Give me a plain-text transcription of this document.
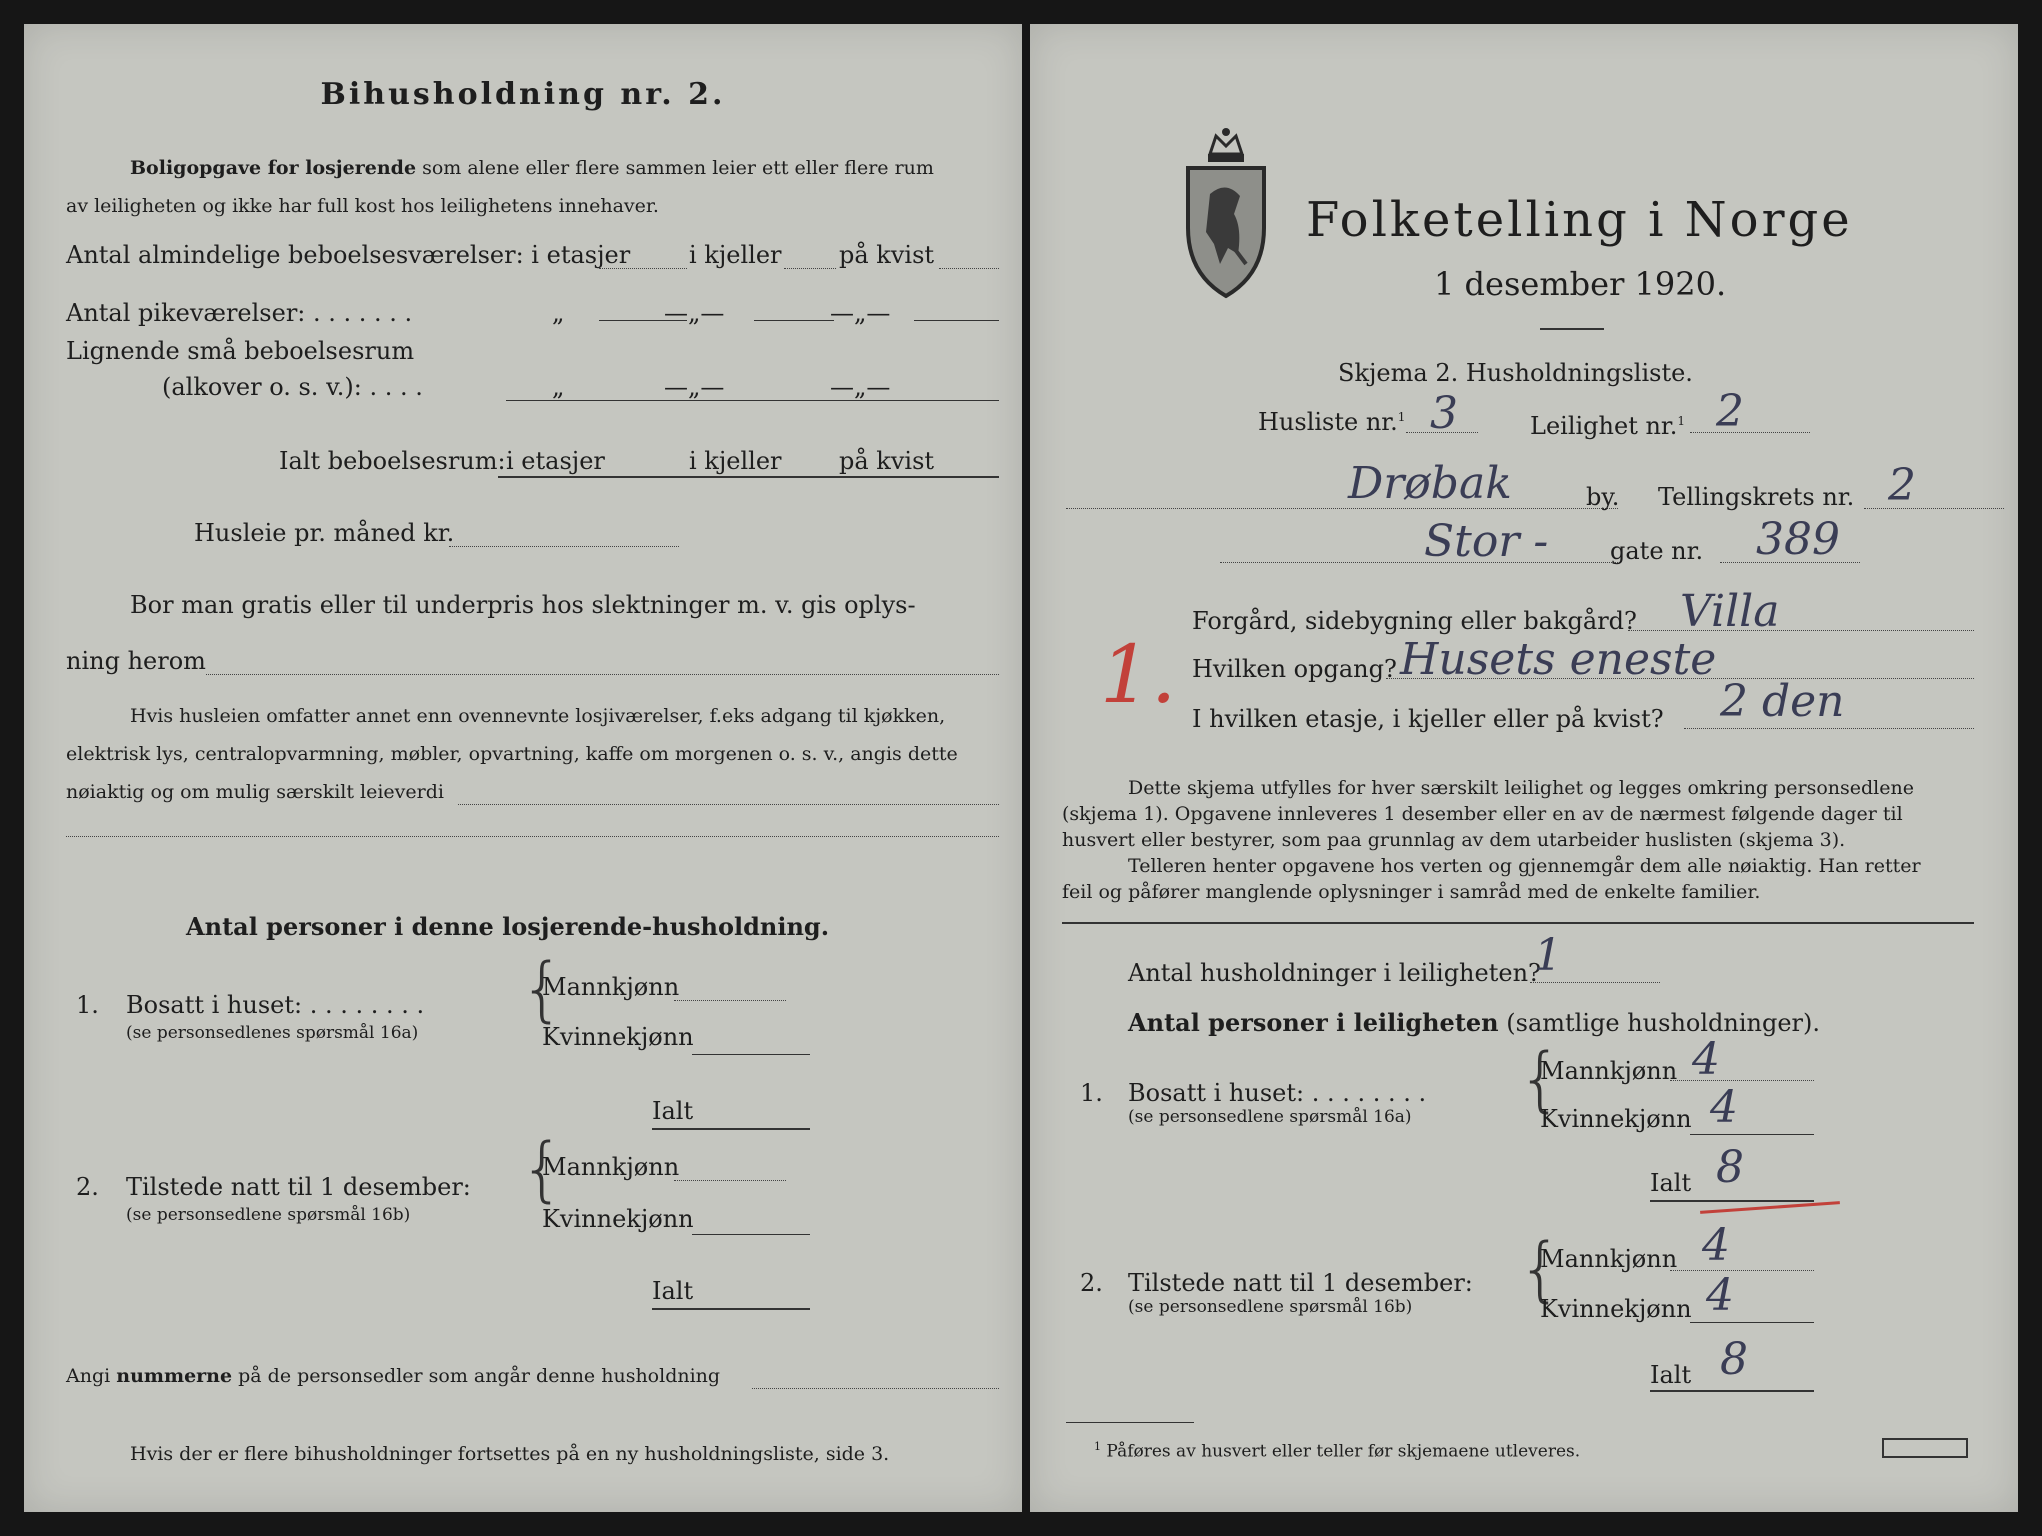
Bihusholdning nr. 2.
Boligopgave for losjerende som alene eller flere sammen leier ett eller flere rum
av leiligheten og ikke har full kost hos leilighetens innehaver.
Antal almindelige beboelsesværelser: i etasjer i kjeller på kvist
Antal pikeværelser: . . . . . . .	„	—„—	—„—
Lignende små beboelsesrum
(alkover o. s. v.): . . . .	„	—„—	—„—
Ialt beboelsesrum: i etasjer	i kjeller på kvist
Husleie pr. måned kr.
Bor man gratis eller til underpris hos slektninger m. v. gis oplys-
ning herom
Hvis husleien omfatter annet enn ovennevnte losjiværelser, f.eks adgang til kjøkken,
elektrisk lys, centralopvarmning, møbler, opvartning, kaffe om morgenen o. s. v., angis dette
nøiaktig og om mulig særskilt leieverdi
Antal personer i denne losjerende-husholdning.
1. Bosatt i huset: . . . . . . . .
(se personsedlenes spørsmål 16a)
{
Mannkjønn
Kvinnekjønn
Ialt
2. Tilstede natt til 1 desember:
(se personsedlene spørsmål 16b)
{
Mannkjønn
Kvinnekjønn
Ialt
Angi nummerne på de personsedler som angår denne husholdning
Hvis der er flere bihusholdninger fortsettes på en ny husholdningsliste, side 3.
Folketelling i Norge
1 desember 1920.
Skjema 2. Husholdningsliste.
Husliste nr.$^1$ 3	Leilighet nr.$^1$ 2
Drøbak	by. Tellingskrets nr. 2
Stor -	gate nr. 389
1.
Forgård, sidebygning eller bakgård? Villa
Hvilken opgang? Husets eneste
I hvilken etasje, i kjeller eller på kvist? 2 den
Dette skjema utfylles for hver særskilt leilighet og legges omkring personsedlene
(skjema 1). Opgavene innleveres 1 desember eller en av de nærmest følgende dager til
husvert eller bestyrer, som paa grunnlag av dem utarbeider huslisten (skjema 3).
Telleren henter opgavene hos verten og gjennemgår dem alle nøiaktig. Han retter
feil og påfører manglende oplysninger i samråd med de enkelte familier.
Antal husholdninger i leiligheten?
1
Antal personer i leiligheten (samtlige husholdninger).
1. Bosatt i huset: . . . . . . . .
(se personsedlene spørsmål 16a) {
Mannkjønn 4
Kvinnekjønn 4
Ialt 8
2. Tilstede natt til 1 desember:
(se personsedlene spørsmål 16b) {
Mannkjønn 4
Kvinnekjønn 4
Ialt 8
$^1$ Påføres av husvert eller teller før skjemaene utleveres.
